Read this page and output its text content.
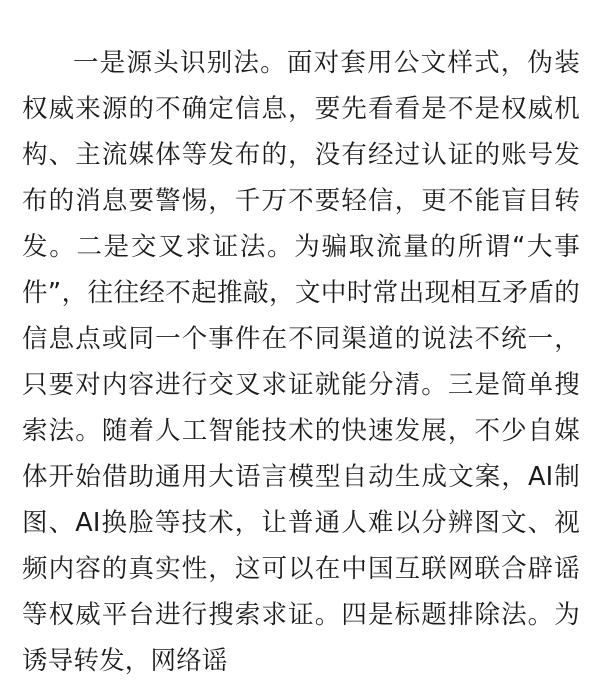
一是源头识别法。面对套用公文样式，伪装权威来源的不确定信息，要先看看是不是权威机构、主流媒体等发布的，没有经过认证的账号发布的消息要警惕，千万不要轻信，更不能盲目转发。二是交叉求证法。为骗取流量的所谓“大事件”，往往经不起推敲，文中时常出现相互矛盾的信息点或同一个事件在不同渠道的说法不统一，只要对内容进行交叉求证就能分清。三是简单搜索法。随着人工智能技术的快速发展，不少自媒体开始借助通用大语言模型自动生成文案，AI制图、AI换脸等技术，让普通人难以分辨图文、视频内容的真实性，这可以在中国互联网联合辟谣等权威平台进行搜索求证。四是标题排除法。为诱导转发，网络谣
